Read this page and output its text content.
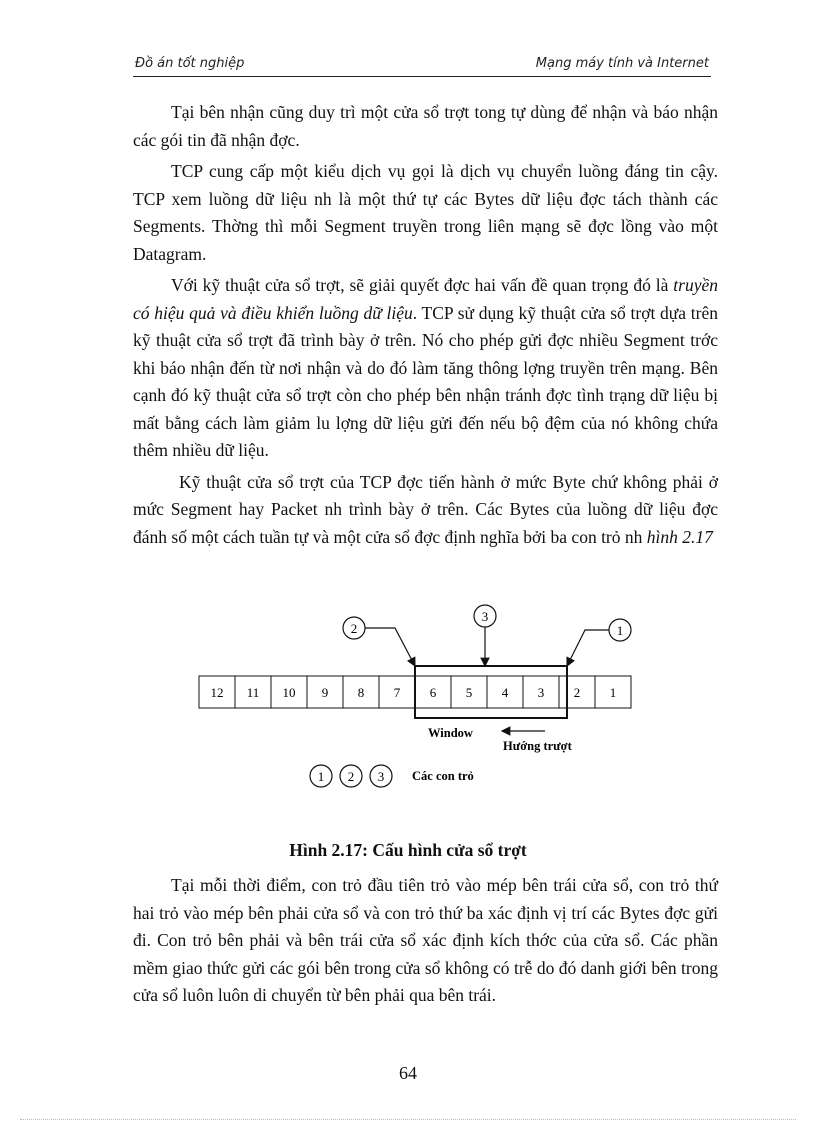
Đồ án tốt nghiệp	Mạng máy tính và Internet

Tại bên nhận cũng duy trì một cửa sổ trợt tong tự dùng để nhận và báo nhận các gói tin đã nhận đợc.

TCP cung cấp một kiểu dịch vụ gọi là dịch vụ chuyển luồng đáng tin cậy. TCP xem luồng dữ liệu nh là một thứ tự các Bytes dữ liệu đợc tách thành các Segments. Thờng thì mỗi Segment truyền trong liên mạng sẽ đợc lồng vào một Datagram.

Với kỹ thuật cửa sổ trợt, sẽ giải quyết đợc hai vấn đề quan trọng đó là truyền có hiệu quả và điều khiển luồng dữ liệu. TCP sử dụng kỹ thuật cửa sổ trợt dựa trên kỹ thuật cửa sổ trợt đã trình bày ở trên. Nó cho phép gửi đợc nhiều Segment trớc khi báo nhận đến từ nơi nhận và do đó làm tăng thông lợng truyền trên mạng. Bên cạnh đó kỹ thuật cửa sổ trợt còn cho phép bên nhận tránh đợc tình trạng dữ liệu bị mất bằng cách làm giảm lu lợng dữ liệu gửi đến nếu bộ đệm của nó không chứa thêm nhiều dữ liệu.

Kỹ thuật cửa sổ trợt của TCP đợc tiến hành ở mức Byte chứ không phải ở mức Segment hay Packet nh trình bày ở trên. Các Bytes của luồng dữ liệu đợc đánh số một cách tuần tự và một cửa sổ đợc định nghĩa bởi ba con trỏ nh hình 2.17

12 11 10 9 8 7 6 5 4 3 2 1
2
3
1
Window
Hướng trượt
1 2 3 Các con trỏ
Hình 2.17: Cấu hình cửa sổ trợt

Tại mỗi thời điểm, con trỏ đầu tiên trỏ vào mép bên trái cửa sổ, con trỏ thứ hai trỏ vào mép bên phải cửa sổ và con trỏ thứ ba xác định vị trí các Bytes đợc gửi đi. Con trỏ bên phải và bên trái cửa sổ xác định kích thớc của cửa sổ. Các phần mềm giao thức gửi các gói bên trong cửa sổ không có trễ do đó danh giới bên trong cửa sổ luôn luôn di chuyển từ bên phải qua bên trái.

64
